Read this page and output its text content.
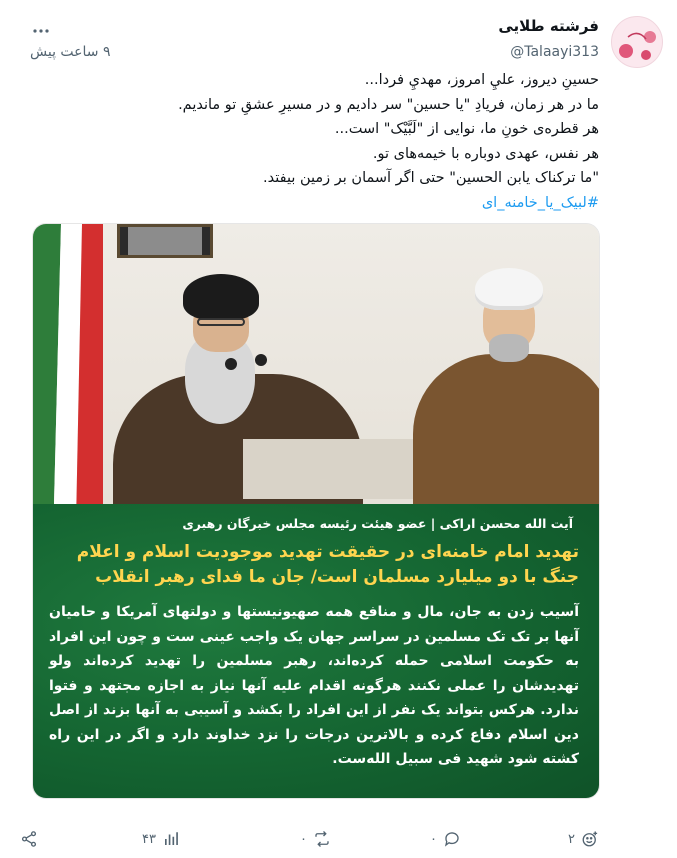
فرشته طلایی
@Talaayi313
۹ ساعت پیش
حسینِ دیروز، عليِ امروز، مهديِ فردا...
ما در هر زمان، فریادِ "یا حسین" سر دادیم و در مسیرِ عشقِ تو ماندیم.
هر قطره‌ی خونِ ما، نوایی از "لَبَّیْک" است...
هر نفس، عهدی دوباره با خیمه‌های تو.
"ما ترکناک یابن الحسین" حتی اگر آسمان بر زمین بیفتد.
#لبیک_یا_خامنه_ای
آیت الله محسن اراکی | عضو هیئت رئیسه مجلس خبرگان رهبری
تهدید امام خامنه‌ای در حقیقت تهدید موجودیت اسلام و اعلام جنگ با دو میلیارد مسلمان است/ جان ما فدای رهبر انقلاب
آسیب زدن به جان، مال و منافع همه صهیونیستها و دولتهای آمریکا و حامیان آنها بر تک تک مسلمین در سراسر جهان یک واجب عینی ست و چون این افراد به حکومت اسلامی حمله کرده‌اند، رهبر مسلمین را تهدید کرده‌اند ولو تهدیدشان را عملی نکنند هرگونه اقدام علیه آنها نیاز به اجازه مجتهد و فتوا ندارد. هرکس بتواند یک نفر از این افراد را بکشد و آسیبی به آنها بزند از اصل دین اسلام دفاع کرده و بالاترین درجات را نزد خداوند دارد و اگر در این راه کشته شود شهید فی سبیل الله‌ست.
۴۳	۰	۰	۲
